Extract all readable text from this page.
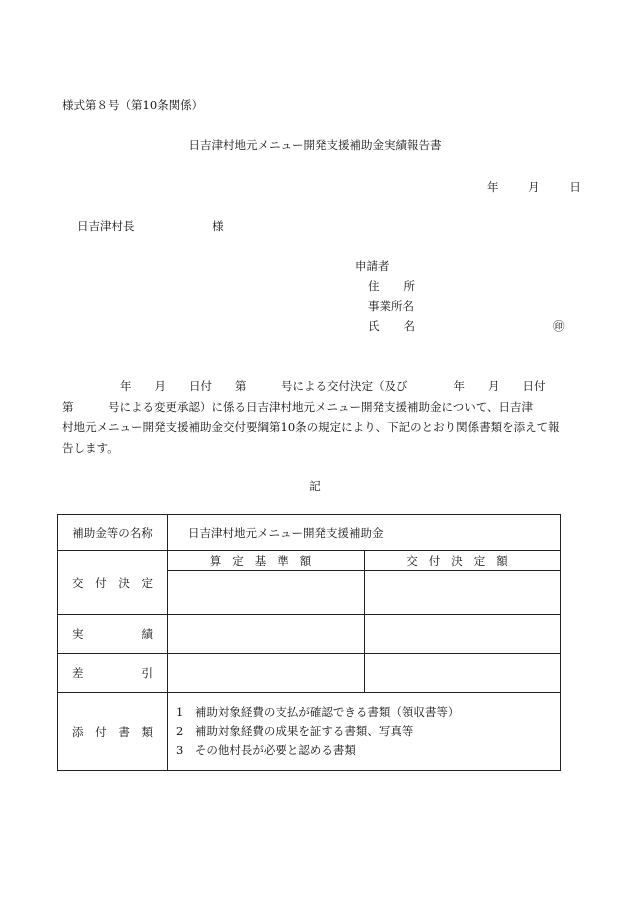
様式第８号（第10条関係）
日吉津村地元メニュー開発支援補助金実績報告書
年	月	日
日吉津村長	様
申請者
住 所
事業所名
氏 名	㊞
年　　月　　日付　　第　　　号による交付決定（及び　　　　年　　月　　日付
第　　　号による変更承認）に係る日吉津村地元メニュー開発支援補助金について、日吉津
村地元メニュー開発支援補助金交付要綱第10条の規定により、下記のとおり関係書類を添えて報
告します。
記
補助金等の名称	日吉津村地元メニュー開発支援補助金	

交 付 決 定	算定基準額	交付決定額

実 績		

差 引		

添 付 書 類	1　補助対象経費の支払が確認できる書類（領収書等）
2　補助対象経費の成果を証する書類、写真等
3　その他村長が必要と認める書類	
